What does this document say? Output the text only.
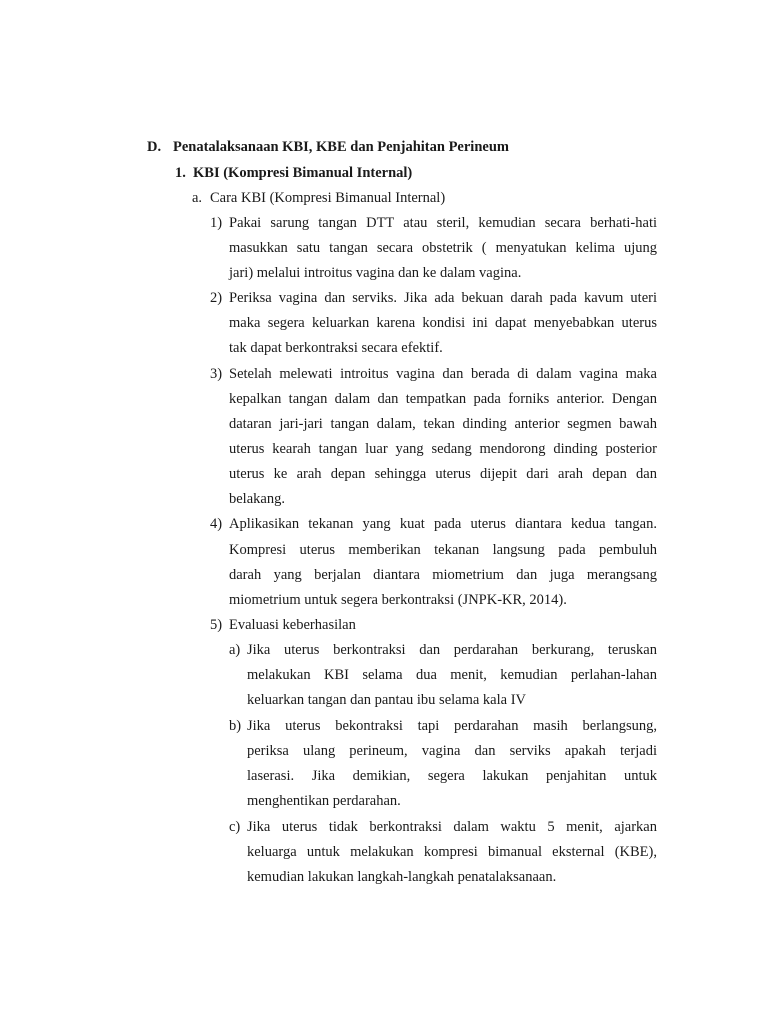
D. Penatalaksanaan KBI, KBE dan Penjahitan Perineum
1. KBI (Kompresi Bimanual Internal)
a. Cara KBI (Kompresi Bimanual Internal)
1) Pakai sarung tangan DTT atau steril, kemudian secara berhati-hati
masukkan satu tangan secara obstetrik ( menyatukan kelima ujung
jari) melalui introitus vagina dan ke dalam vagina.
2) Periksa vagina dan serviks. Jika ada bekuan darah pada kavum uteri
maka segera keluarkan karena kondisi ini dapat menyebabkan uterus
tak dapat berkontraksi secara efektif.
3) Setelah melewati introitus vagina dan berada di dalam vagina maka
kepalkan tangan dalam dan tempatkan pada forniks anterior. Dengan
dataran jari-jari tangan dalam, tekan dinding anterior segmen bawah
uterus kearah tangan luar yang sedang mendorong dinding posterior
uterus ke arah depan sehingga uterus dijepit dari arah depan dan
belakang.
4) Aplikasikan tekanan yang kuat pada uterus diantara kedua tangan.
Kompresi uterus memberikan tekanan langsung pada pembuluh
darah yang berjalan diantara miometrium dan juga merangsang
miometrium untuk segera berkontraksi (JNPK-KR, 2014).
5) Evaluasi keberhasilan
a) Jika uterus berkontraksi dan perdarahan berkurang, teruskan
melakukan KBI selama dua menit, kemudian perlahan-lahan
keluarkan tangan dan pantau ibu selama kala IV
b) Jika uterus bekontraksi tapi perdarahan masih berlangsung,
periksa ulang perineum, vagina dan serviks apakah terjadi
laserasi. Jika demikian, segera lakukan penjahitan untuk
menghentikan perdarahan.
c) Jika uterus tidak berkontraksi dalam waktu 5 menit, ajarkan
keluarga untuk melakukan kompresi bimanual eksternal (KBE),
kemudian lakukan langkah-langkah penatalaksanaan.
